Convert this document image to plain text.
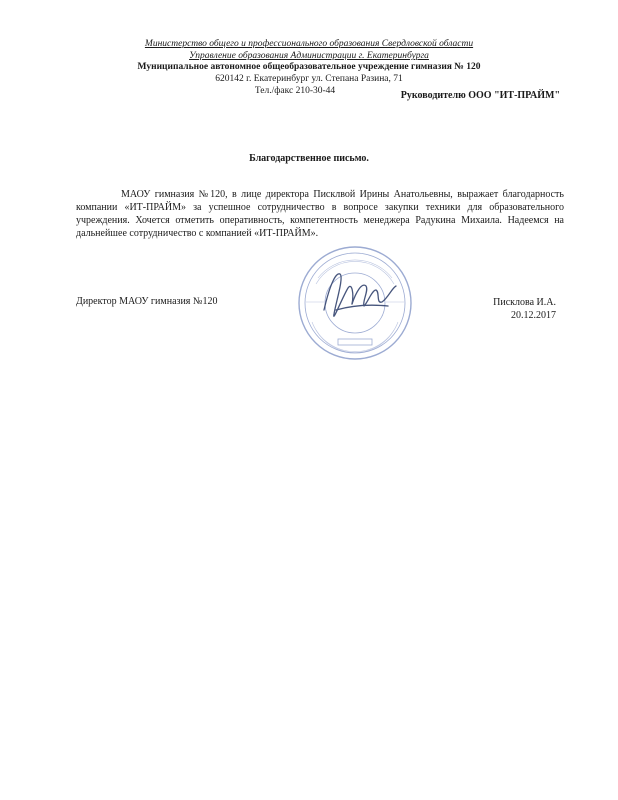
Министерство общего и профессионального образования Свердловской области
Управление образования Администрации г. Екатеринбурга
Муниципальное автономное общеобразовательное учреждение гимназия № 120
620142 г. Екатеринбург ул. Степана Разина, 71
Тел./факс 210-30-44	Руководителю ООО "ИТ-ПРАЙМ"
Благодарственное письмо.
МАОУ гимназия №120, в лице директора Писклвой Ирины Анатольевны, выражает благодарность компании «ИТ-ПРАЙМ» за успешное сотрудничество в вопросе закупки техники для образовательного учреждения. Хочется отметить оперативность, компетентность менеджера Радукина Михаила. Надеемся на дальнейшее сотрудничество с компанией «ИТ-ПРАЙМ».
Директор МАОУ гимназия №120	Писклова И.А.
20.12.2017
